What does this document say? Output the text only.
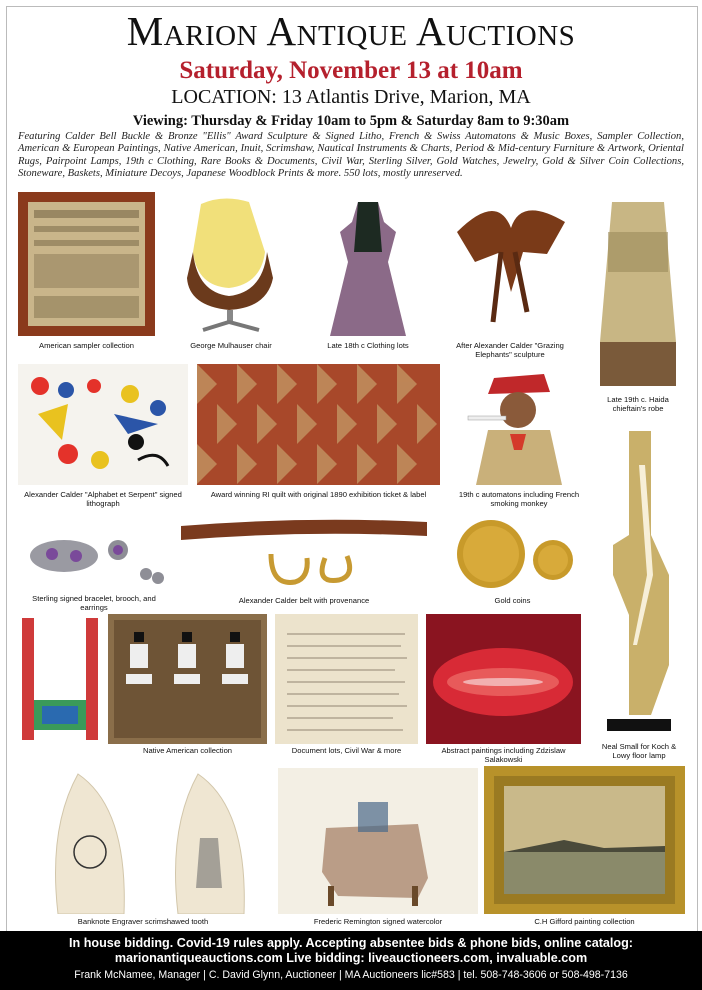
Marion Antique Auctions
Saturday, November 13 at 10am
LOCATION: 13 Atlantis Drive, Marion, MA
Viewing: Thursday & Friday 10am to 5pm & Saturday 8am to 9:30am
Featuring Calder Bell Buckle & Bronze "Ellis" Award Sculpture & Signed Litho, French & Swiss Automatons & Music Boxes, Sampler Collection, American & European Paintings, Native American, Inuit, Scrimshaw, Nautical Instruments & Charts, Period & Mid-century Furniture & Artwork, Oriental Rugs, Pairpoint Lamps, 19th c Clothing, Rare Books & Documents, Civil War, Sterling Silver, Gold Watches, Jewelry, Gold & Silver Coin Collections, Stoneware, Baskets, Miniature Decoys, Japanese Woodblock Prints & more. 550 lots, mostly unreserved.
American sampler collection	George Mulhauser chair	Late 18th c Clothing lots	After Alexander Calder "Grazing Elephants" sculpture
Late 19th c. Haida chieftain's robe
Alexander Calder "Alphabet et Serpent" signed lithograph
Award winning RI quilt with original 1890 exhibition ticket & label	19th c automatons including French smoking monkey
Sterling signed bracelet, brooch, and earrings
Alexander Calder belt with provenance	Gold coins
Neal Small for Koch & Lowy floor lamp
Native American collection	Document lots, Civil War & more	Abstract paintings including Zdzislaw Salakowski
Banknote Engraver scrimshawed tooth	Frederic Remington signed watercolor	C.H Gifford painting collection
In house bidding. Covid-19 rules apply. Accepting absentee bids & phone bids, online catalog:
marionantiqueauctions.com Live bidding: liveauctioneers.com, invaluable.com
Frank McNamee, Manager | C. David Glynn, Auctioneer | MA Auctioneers lic#583 | tel. 508-748-3606 or 508-498-7136
